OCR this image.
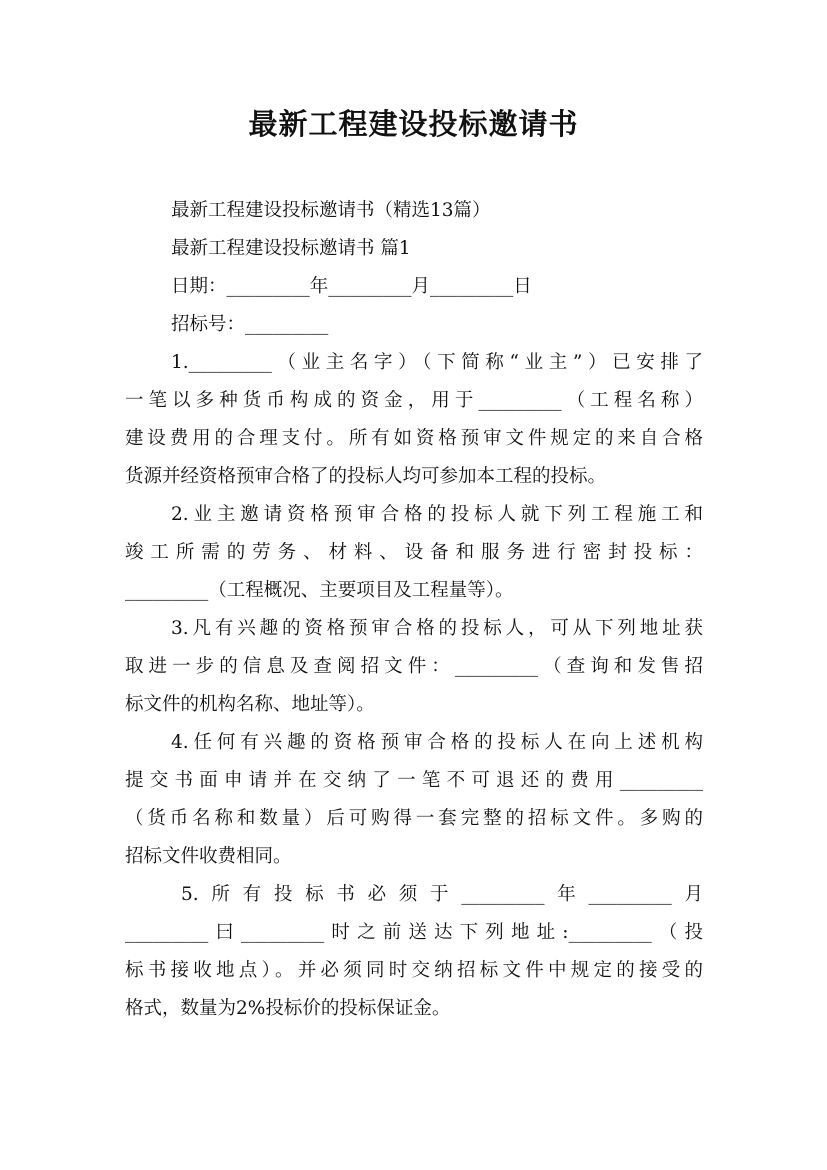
最新工程建设投标邀请书
最新工程建设投标邀请书（精选13篇）
最新工程建设投标邀请书 篇1
日期：_________年_________月_________日
招标号：_________
1._________（业主名字）（下简称“业主”）已安排了
一笔以多种货币构成的资金，用于_________（工程名称）
建设费用的合理支付。所有如资格预审文件规定的来自合格
货源并经资格预审合格了的投标人均可参加本工程的投标。
2.业主邀请资格预审合格的投标人就下列工程施工和
竣工所需的劳务、材料、设备和服务进行密封投标：
_________（工程概况、主要项目及工程量等）。
3.凡有兴趣的资格预审合格的投标人，可从下列地址获
取进一步的信息及查阅招文件：_________（查询和发售招
标文件的机构名称、地址等）。
4.任何有兴趣的资格预审合格的投标人在向上述机构
提交书面申请并在交纳了一笔不可退还的费用_________
（货币名称和数量）后可购得一套完整的招标文件。多购的
招标文件收费相同。
5.所有投标书必须于_________年_________月
_________曰_________时之前送达下列地址:_________（投
标书接收地点）。并必须同时交纳招标文件中规定的接受的
格式，数量为2%投标价的投标保证金。
